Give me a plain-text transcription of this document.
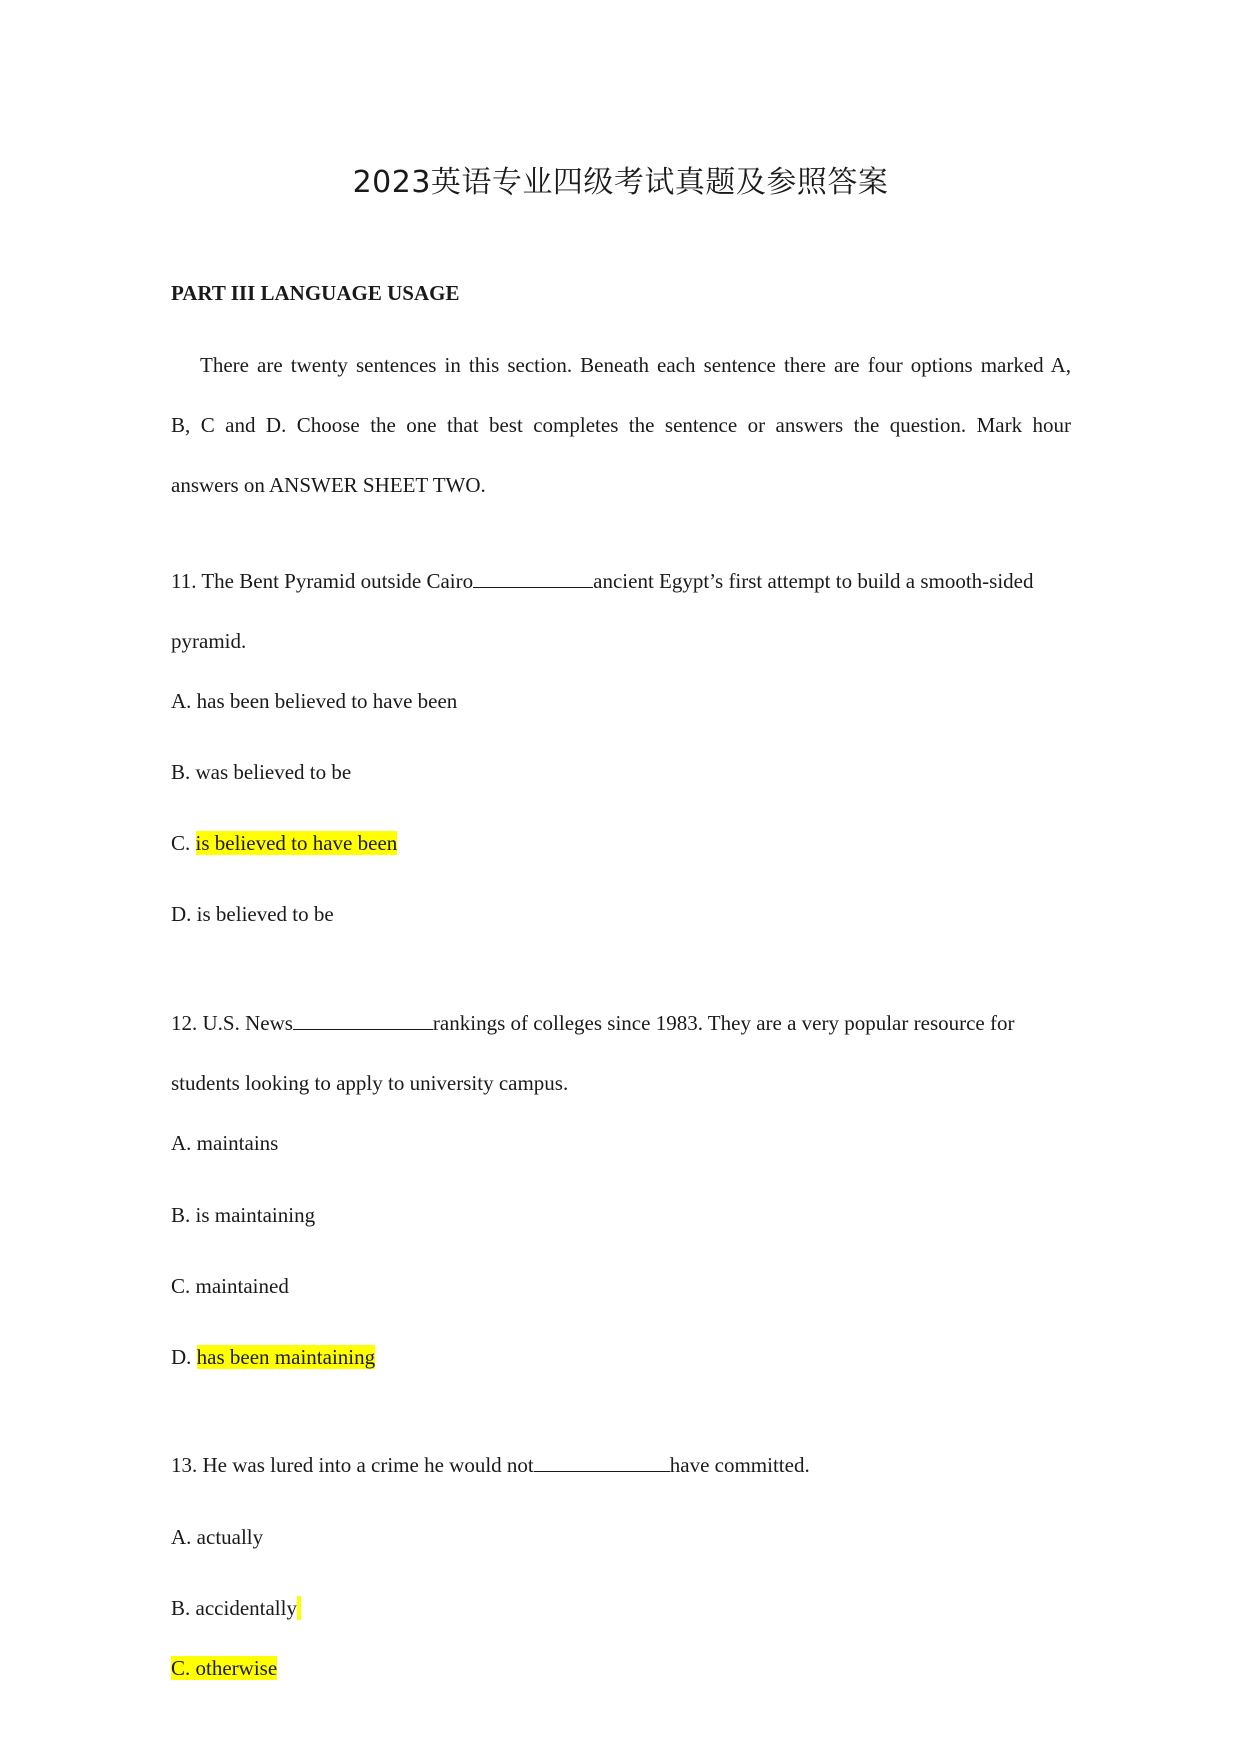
2023英语专业四级考试真题及参照答案
PART III LANGUAGE USAGE
There are twenty sentences in this section. Beneath each sentence there are four options marked A,
B, C and D. Choose the one that best completes the sentence or answers the question. Mark hour
answers on ANSWER SHEET TWO.
11. The Bent Pyramid outside Cairo	ancient Egypt’s first attempt to build a smooth-sided
pyramid.
A. has been believed to have been
B. was believed to be
C. is believed to have been
D. is believed to be
12. U.S. News	rankings of colleges since 1983. They are a very popular resource for
students looking to apply to university campus.
A. maintains
B. is maintaining
C. maintained
D. has been maintaining
13. He was lured into a crime he would not	have committed.
A. actually
B. accidentally
C. otherwise
